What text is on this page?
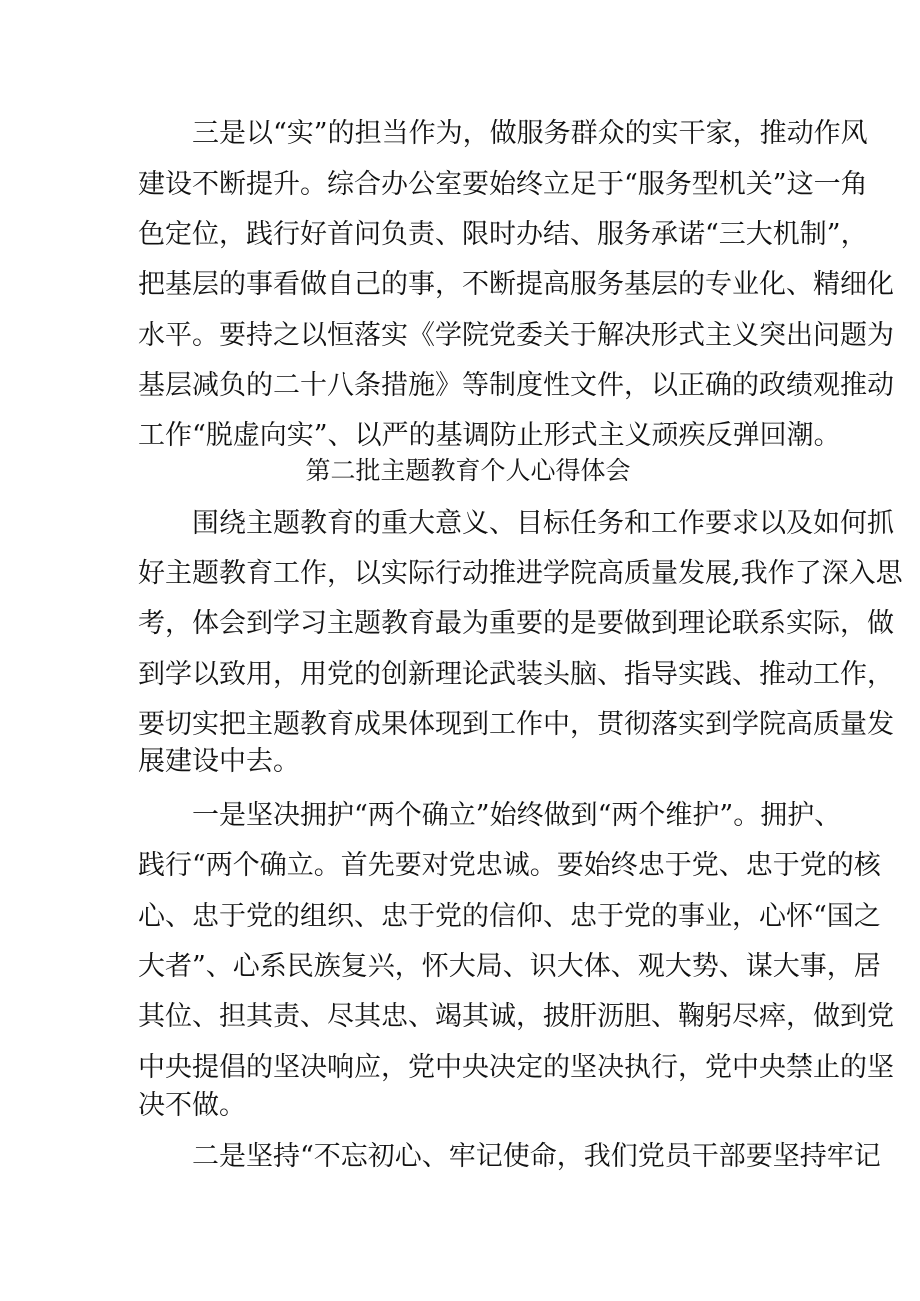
三是以“实”的担当作为，做服务群众的实干家，推动作风
建设不断提升。综合办公室要始终立足于“服务型机关”这一角
色定位，践行好首问负责、限时办结、服务承诺“三大机制”，
把基层的事看做自己的事，不断提高服务基层的专业化、精细化
水平。要持之以恒落实《学院党委关于解决形式主义突出问题为
基层减负的二十八条措施》等制度性文件，以正确的政绩观推动
工作“脱虚向实”、以严的基调防止形式主义顽疾反弹回潮。
第二批主题教育个人心得体会
围绕主题教育的重大意义、目标任务和工作要求以及如何抓
好主题教育工作，以实际行动推进学院高质量发展,我作了深入思
考，体会到学习主题教育最为重要的是要做到理论联系实际，做
到学以致用，用党的创新理论武装头脑、指导实践、推动工作，
要切实把主题教育成果体现到工作中，贯彻落实到学院高质量发
展建设中去。
一是坚决拥护“两个确立”始终做到“两个维护”。拥护、
践行“两个确立。首先要对党忠诚。要始终忠于党、忠于党的核
心、忠于党的组织、忠于党的信仰、忠于党的事业，心怀“国之
大者”、心系民族复兴，怀大局、识大体、观大势、谋大事，居
其位、担其责、尽其忠、竭其诚，披肝沥胆、鞠躬尽瘁，做到党
中央提倡的坚决响应，党中央决定的坚决执行，党中央禁止的坚
决不做。
二是坚持“不忘初心、牢记使命，我们党员干部要坚持牢记
